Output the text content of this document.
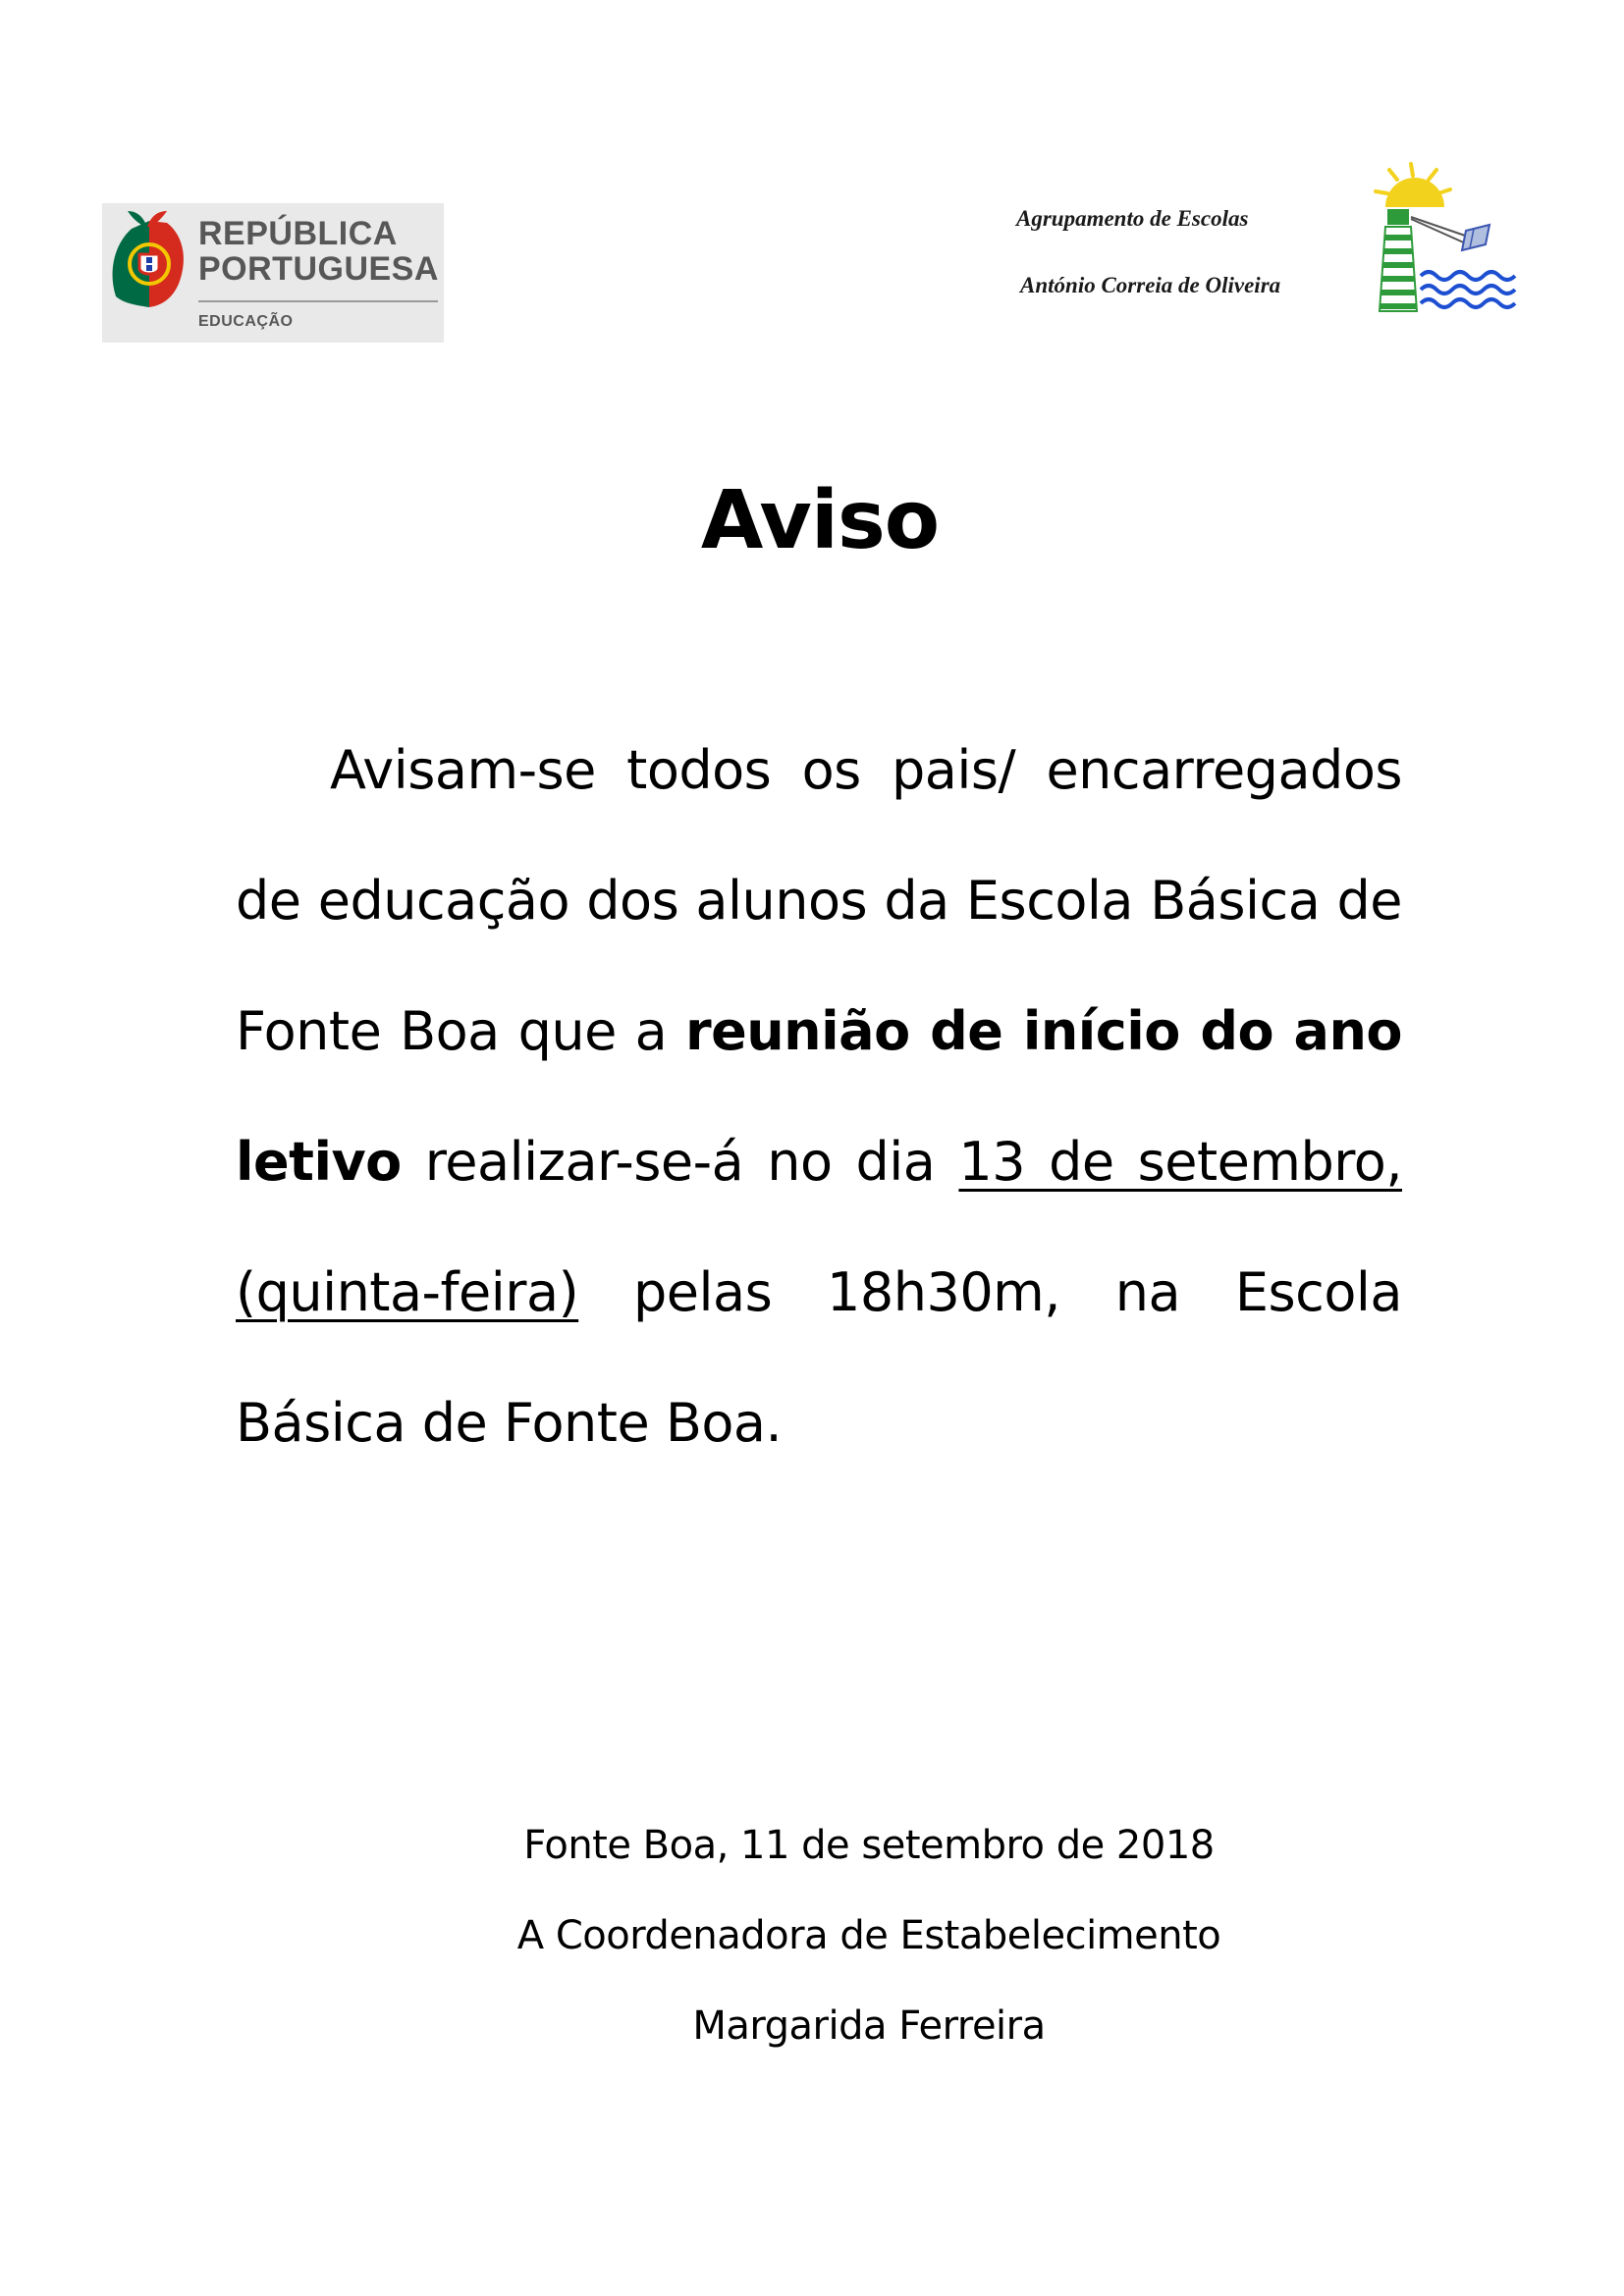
REPÚBLICA
PORTUGUESA
EDUCAÇÃO
Agrupamento de Escolas
António Correia de Oliveira
Aviso
Avisam-se todos os pais/ encarregados de educação dos alunos da Escola Básica de Fonte Boa que a reunião de início do ano letivo realizar-se-á no dia 13 de setembro, (quinta-feira) pelas 18h30m, na Escola Básica de Fonte Boa.
Fonte Boa, 11 de setembro de 2018
A Coordenadora de Estabelecimento
Margarida Ferreira
